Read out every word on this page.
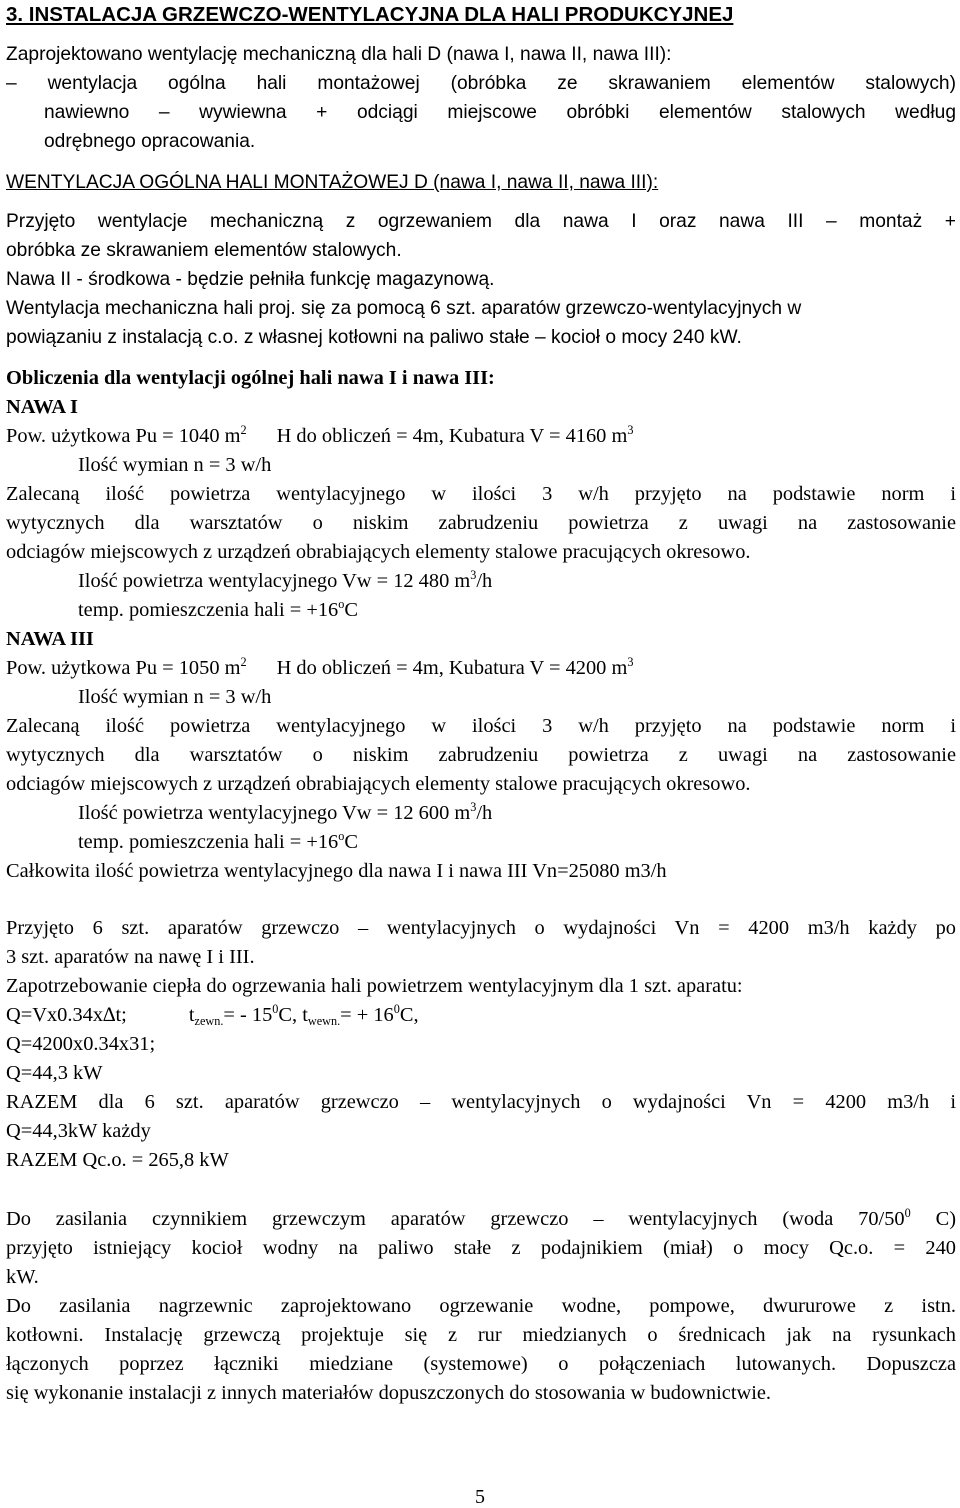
3. INSTALACJA GRZEWCZO-WENTYLACYJNA DLA HALI PRODUKCYJNEJ
Zaprojektowano wentylację mechaniczną dla hali D (nawa I, nawa II, nawa III):
– wentylacja ogólna hali montażowej (obróbka ze skrawaniem elementów stalowych)
nawiewno – wywiewna + odciągi miejscowe obróbki elementów stalowych według
odrębnego opracowania.
WENTYLACJA OGÓLNA HALI MONTAŻOWEJ D (nawa I, nawa II, nawa III):
Przyjęto wentylacje mechaniczną z ogrzewaniem dla nawa I oraz nawa III – montaż +
obróbka ze skrawaniem elementów stalowych.
Nawa II - środkowa - będzie pełniła funkcję magazynową.
Wentylacja mechaniczna hali proj. się za pomocą 6 szt. aparatów grzewczo-wentylacyjnych w
powiązaniu z instalacją c.o. z własnej kotłowni na paliwo stałe – kocioł o mocy 240 kW.
Obliczenia dla wentylacji ogólnej hali nawa I i nawa III:
NAWA I
Pow. użytkowa Pu = 1040 $m^2$ H do obliczeń = 4m, Kubatura V = 4160 $m^3$
Ilość wymian n = 3 w/h
Zalecaną ilość powietrza wentylacyjnego w ilości 3 w/h przyjęto na podstawie norm i
wytycznych dla warsztatów o niskim zabrudzeniu powietrza z uwagi na zastosowanie
odciagów miejscowych z urządzeń obrabiających elementy stalowe pracujących okresowo.
Ilość powietrza wentylacyjnego Vw = 12 480 $m^3/h$
temp. pomieszczenia hali = $+16^oC$
NAWA III
Pow. użytkowa Pu = 1050 $m^2$ H do obliczeń = 4m, Kubatura V = 4200 $m^3$
Ilość wymian n = 3 w/h
Zalecaną ilość powietrza wentylacyjnego w ilości 3 w/h przyjęto na podstawie norm i
wytycznych dla warsztatów o niskim zabrudzeniu powietrza z uwagi na zastosowanie
odciagów miejscowych z urządzeń obrabiających elementy stalowe pracujących okresowo.
Ilość powietrza wentylacyjnego Vw = 12 600 $m^3/h$
temp. pomieszczenia hali = $+16^oC$
Całkowita ilość powietrza wentylacyjnego dla nawa I i nawa III Vn=25080 m3/h
Przyjęto 6 szt. aparatów grzewczo – wentylacyjnych o wydajności Vn = 4200 m3/h każdy po
3 szt. aparatów na nawę I i III.
Zapotrzebowanie ciepła do ogrzewania hali powietrzem wentylacyjnym dla 1 szt. aparatu:
Q=Vx0.34x∆t;	$t_{zewn.}= - 15^0C$, $t_{wewn.}= + 16^0C$,
Q=4200x0.34x31;
Q=44,3 kW
RAZEM dla 6 szt. aparatów grzewczo – wentylacyjnych o wydajności Vn = 4200 m3/h i
Q=44,3kW każdy
RAZEM Qc.o. = 265,8 kW
Do zasilania czynnikiem grzewczym aparatów grzewczo – wentylacyjnych (woda $70/50^0$ C)
przyjęto istniejący kocioł wodny na paliwo stałe z podajnikiem (miał) o mocy Qc.o. = 240
kW.
Do zasilania nagrzewnic zaprojektowano ogrzewanie wodne, pompowe, dwururowe z istn.
kotłowni. Instalację grzewczą projektuje się z rur miedzianych o średnicach jak na rysunkach
łączonych poprzez łączniki miedziane (systemowe) o połączeniach lutowanych. Dopuszcza
się wykonanie instalacji z innych materiałów dopuszczonych do stosowania w budownictwie.
5
